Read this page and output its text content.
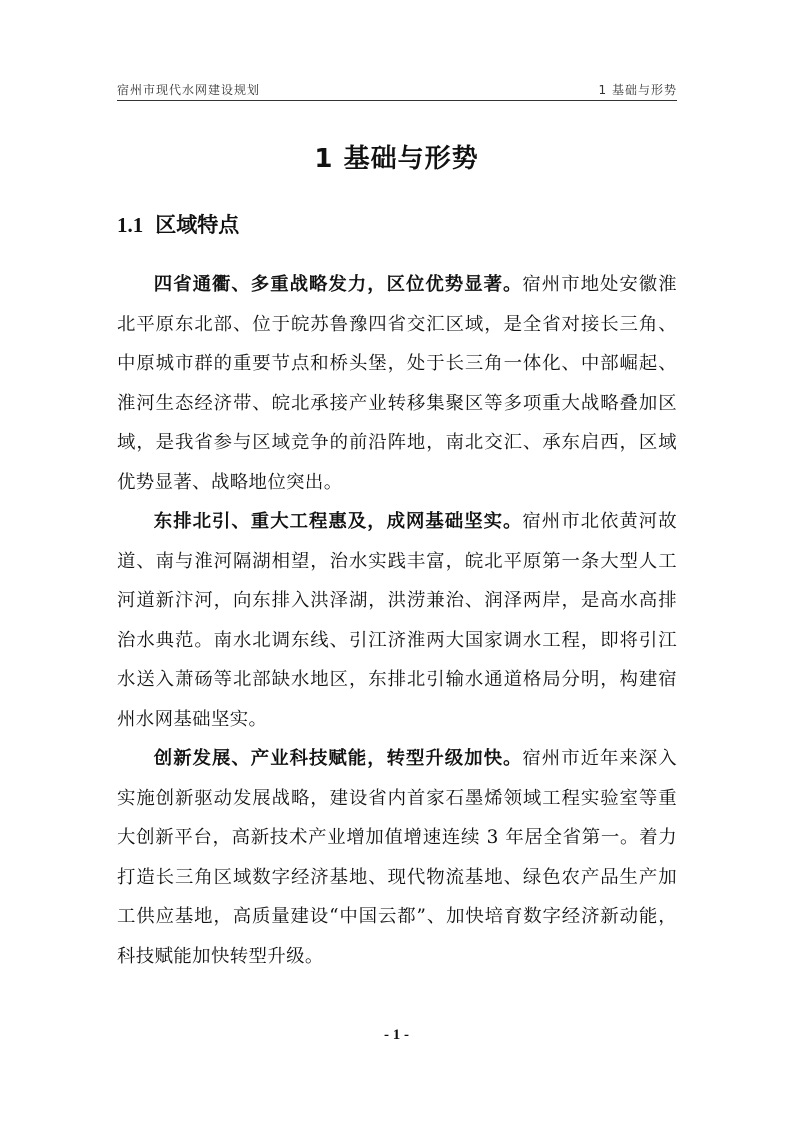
宿州市现代水网建设规划	1 基础与形势
1 基础与形势
1.1 区域特点

四省通衢、多重战略发力，区位优势显著。宿州市地处安徽淮北平原东北部、位于皖苏鲁豫四省交汇区域，是全省对接长三角、中原城市群的重要节点和桥头堡，处于长三角一体化、中部崛起、淮河生态经济带、皖北承接产业转移集聚区等多项重大战略叠加区域，是我省参与区域竞争的前沿阵地，南北交汇、承东启西，区域优势显著、战略地位突出。

东排北引、重大工程惠及，成网基础坚实。宿州市北依黄河故道、南与淮河隔湖相望，治水实践丰富，皖北平原第一条大型人工河道新汴河，向东排入洪泽湖，洪涝兼治、润泽两岸，是高水高排治水典范。南水北调东线、引江济淮两大国家调水工程，即将引江水送入萧砀等北部缺水地区，东排北引输水通道格局分明，构建宿州水网基础坚实。

创新发展、产业科技赋能，转型升级加快。宿州市近年来深入实施创新驱动发展战略，建设省内首家石墨烯领域工程实验室等重大创新平台，高新技术产业增加值增速连续 3 年居全省第一。着力打造长三角区域数字经济基地、现代物流基地、绿色农产品生产加工供应基地，高质量建设“中国云都”、加快培育数字经济新动能，科技赋能加快转型升级。

- 1 -
